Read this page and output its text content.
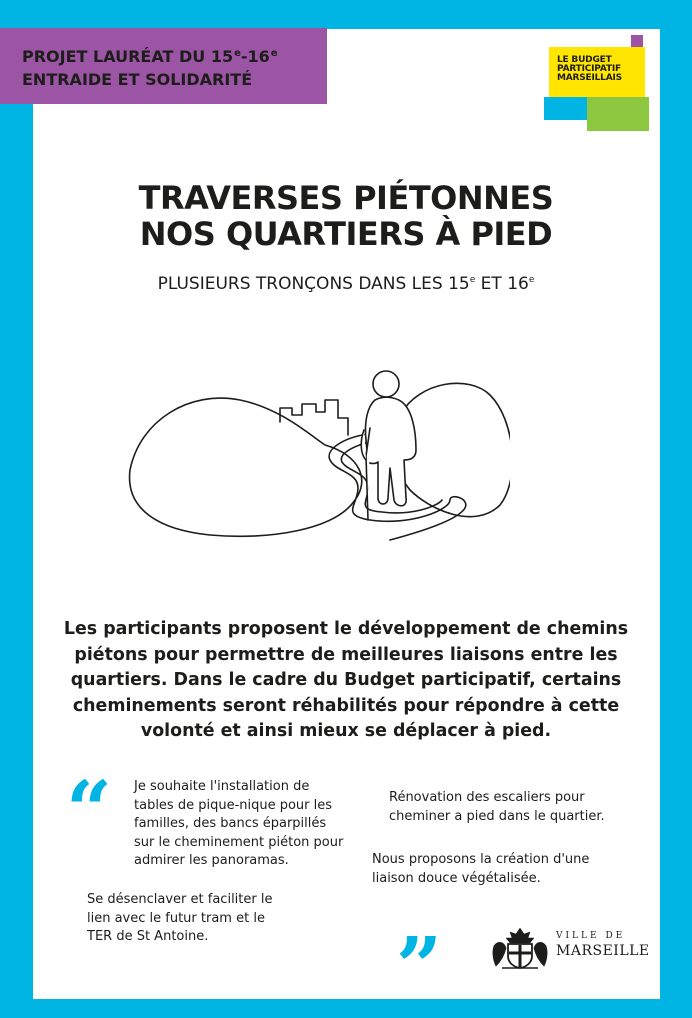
PROJET LAURÉAT DU 15e-16e
ENTRAIDE ET SOLIDARITÉ
LE BUDGET
PARTICIPATIF
MARSEILLAIS
TRAVERSES PIÉTONNES
NOS QUARTIERS À PIED
PLUSIEURS TRONÇONS DANS LES 15e ET 16e
Les participants proposent le développement de chemins
piétons pour permettre de meilleures liaisons entre les
quartiers. Dans le cadre du Budget participatif, certains
cheminements seront réhabilités pour répondre à cette
volonté et ainsi mieux se déplacer à pied.
“
”
Je souhaite l'installation de
tables de pique-nique pour les
familles, des bancs éparpillés
sur le cheminement piéton pour
admirer les panoramas.
Rénovation des escaliers pour
cheminer a pied dans le quartier.
Nous proposons la création d'une
liaison douce végétalisée.
Se désenclaver et faciliter le
lien avec le futur tram et le
TER de St Antoine.	VILLE DE
MARSEILLE
